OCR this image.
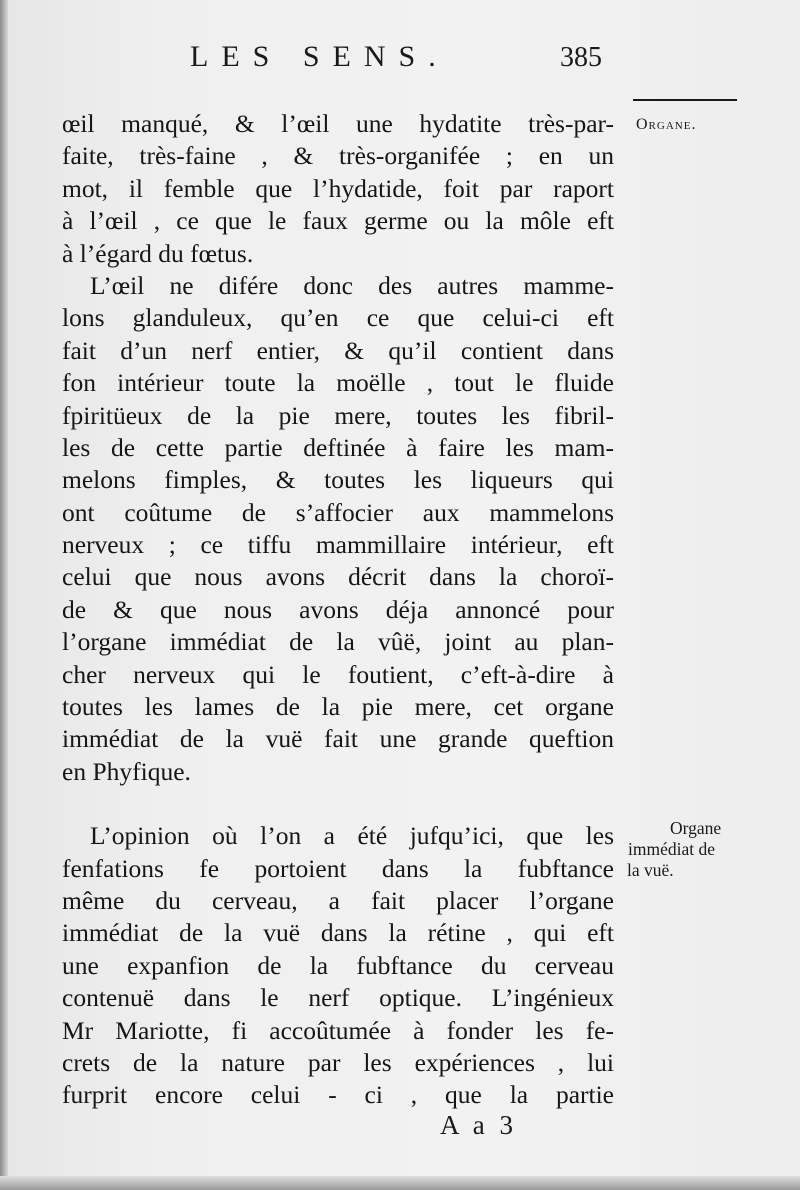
LES SENS.	385
Organe.
œil manqué, & l’œil une hydatite très-par-
faite, très-faine , & très-organifée ; en un
mot, il femble que l’hydatide, foit par raport
à l’œil , ce que le faux germe ou la môle eft
à l’égard du fœtus.
L’œil ne difére donc des autres mamme-
lons glanduleux, qu’en ce que celui-ci eft
fait d’un nerf entier, & qu’il contient dans
fon intérieur toute la moëlle , tout le fluide
fpiritüeux de la pie mere, toutes les fibril-
les de cette partie deftinée à faire les mam-
melons fimples, & toutes les liqueurs qui
ont coûtume de s’affocier aux mammelons
nerveux ; ce tiffu mammillaire intérieur, eft
celui que nous avons décrit dans la choroï-
de & que nous avons déja annoncé pour
l’organe immédiat de la vûë, joint au plan-
cher nerveux qui le foutient, c’eft-à-dire à
toutes les lames de la pie mere, cet organe
immédiat de la vuë fait une grande queftion
en Phyfique.
L’opinion où l’on a été jufqu’ici, que les
fenfations fe portoient dans la fubftance
même du cerveau, a fait placer l’organe
immédiat de la vuë dans la rétine , qui eft
une expanfion de la fubftance du cerveau
contenuë dans le nerf optique. L’ingénieux
Mr Mariotte, fi accoûtumée à fonder les fe-
crets de la nature par les expériences , lui
furprit encore celui - ci , que la partie
Organe
immédiat de
la vuë.
A a 3
